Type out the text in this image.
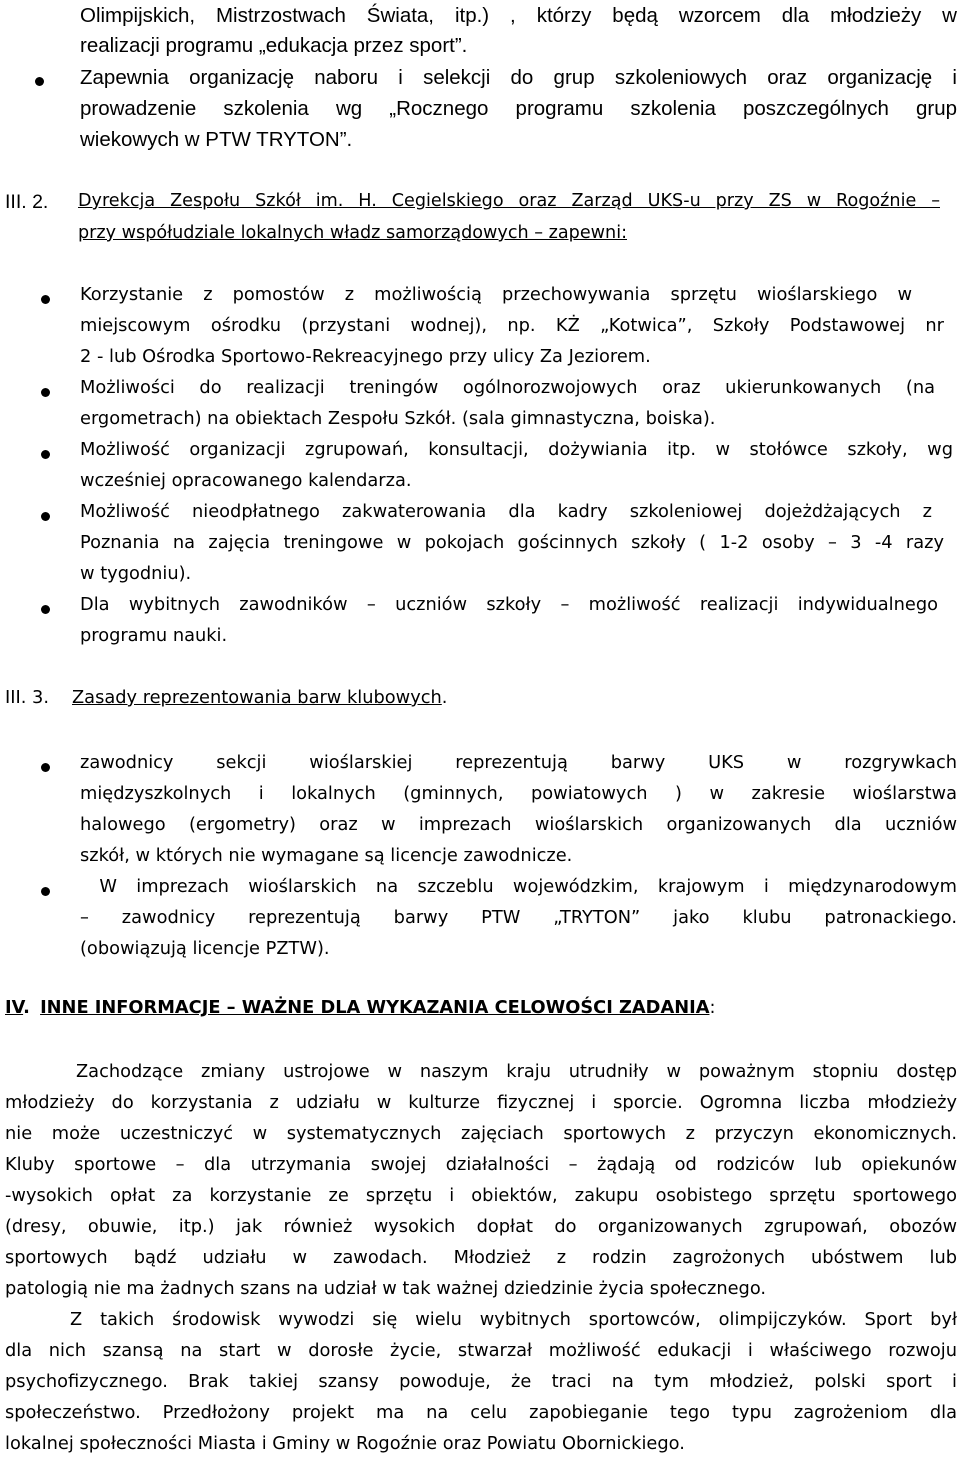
Olimpijskich, Mistrzostwach Świata, itp.) , którzy będą wzorcem dla młodzieży w
realizacji programu „edukacja przez sport”.
Zapewnia organizację naboru i selekcji do grup szkoleniowych oraz organizację i
prowadzenie szkolenia wg „Rocznego programu szkolenia poszczególnych grup
wiekowych w PTW TRYTON”.
III. 2. Dyrekcja Zespołu Szkół im. H. Cegielskiego oraz Zarząd UKS-u przy ZS w Rogoźnie –
przy współudziale lokalnych władz samorządowych – zapewni:
Korzystanie z pomostów z możliwością przechowywania sprzętu wioślarskiego w
miejscowym ośrodku (przystani wodnej), np. KŻ „Kotwica”, Szkoły Podstawowej nr
2 - lub Ośrodka Sportowo-Rekreacyjnego przy ulicy Za Jeziorem.
Możliwości do realizacji treningów ogólnorozwojowych oraz ukierunkowanych (na
ergometrach) na obiektach Zespołu Szkół. (sala gimnastyczna, boiska).
Możliwość organizacji zgrupowań, konsultacji, dożywiania itp. w stołówce szkoły, wg
wcześniej opracowanego kalendarza.
Możliwość nieodpłatnego zakwaterowania dla kadry szkoleniowej dojeżdżających z
Poznania na zajęcia treningowe w pokojach gościnnych szkoły ( 1-2 osoby – 3 -4 razy
w tygodniu).
Dla wybitnych zawodników – uczniów szkoły – możliwość realizacji indywidualnego
programu nauki.
III. 3. Zasady reprezentowania barw klubowych.
zawodnicy sekcji wioślarskiej reprezentują barwy UKS w rozgrywkach
międzyszkolnych i lokalnych (gminnych, powiatowych ) w zakresie wioślarstwa
halowego (ergometry) oraz w imprezach wioślarskich organizowanych dla uczniów
szkół, w których nie wymagane są licencje zawodnicze.
W imprezach wioślarskich na szczeblu wojewódzkim, krajowym i międzynarodowym
– zawodnicy reprezentują barwy PTW „TRYTON” jako klubu patronackiego.
(obowiązują licencje PZTW).
IV. INNE INFORMACJE – WAŻNE DLA WYKAZANIA CELOWOŚCI ZADANIA:
Zachodzące zmiany ustrojowe w naszym kraju utrudniły w poważnym stopniu dostęp
młodzieży do korzystania z udziału w kulturze fizycznej i sporcie. Ogromna liczba młodzieży
nie może uczestniczyć w systematycznych zajęciach sportowych z przyczyn ekonomicznych.
Kluby sportowe – dla utrzymania swojej działalności – żądają od rodziców lub opiekunów
-wysokich opłat za korzystanie ze sprzętu i obiektów, zakupu osobistego sprzętu sportowego
(dresy, obuwie, itp.) jak również wysokich dopłat do organizowanych zgrupowań, obozów
sportowych bądź udziału w zawodach. Młodzież z rodzin zagrożonych ubóstwem lub
patologią nie ma żadnych szans na udział w tak ważnej dziedzinie życia społecznego.
Z takich środowisk wywodzi się wielu wybitnych sportowców, olimpijczyków. Sport był
dla nich szansą na start w dorosłe życie, stwarzał możliwość edukacji i właściwego rozwoju
psychofizycznego. Brak takiej szansy powoduje, że traci na tym młodzież, polski sport i
społeczeństwo. Przedłożony projekt ma na celu zapobieganie tego typu zagrożeniom dla
lokalnej społeczności Miasta i Gminy w Rogoźnie oraz Powiatu Obornickiego.
